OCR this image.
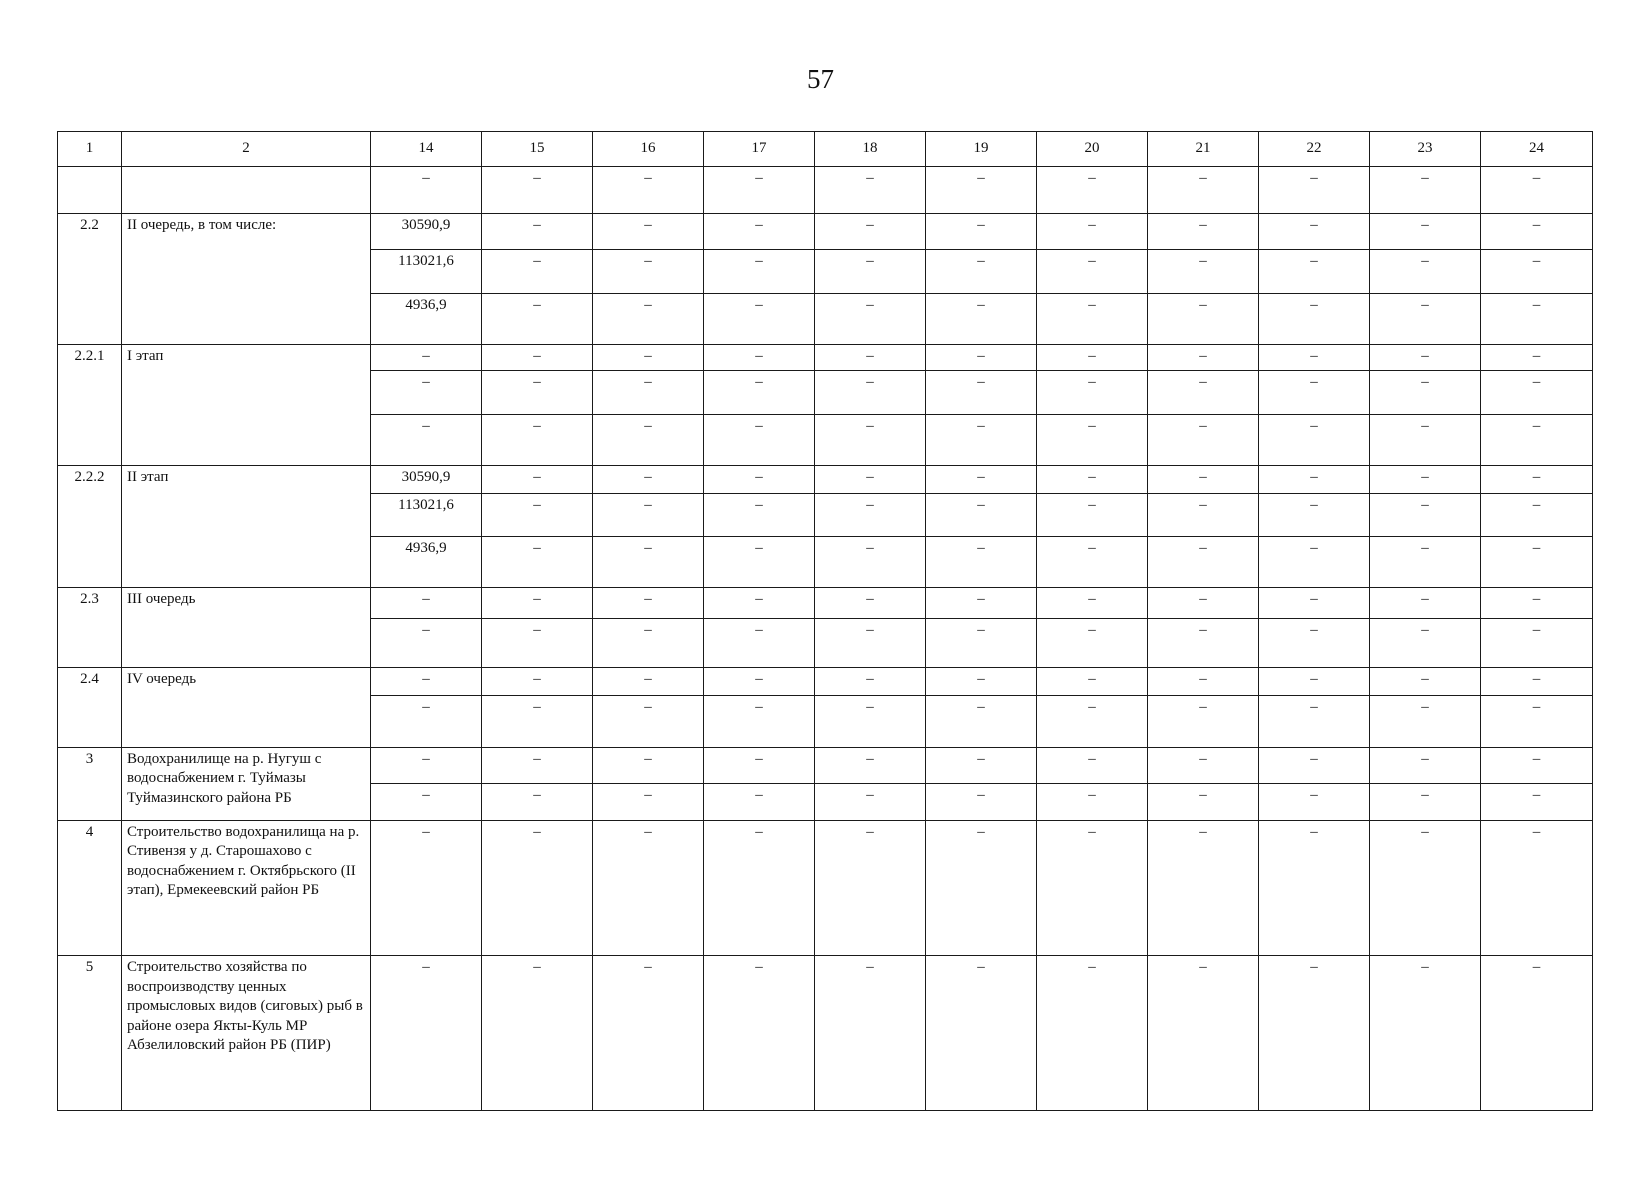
57
1	2	14	15	16	17	18	19	20	21	22	23	24
		–	–	–	–	–	–	–	–	–	–	–
2.2	II очередь, в том числе:	30590,9	–	–	–	–	–	–	–	–	–	–
		113021,6	–	–	–	–	–	–	–	–	–	–
		4936,9	–	–	–	–	–	–	–	–	–	–
2.2.1	I этап	–	–	–	–	–	–	–	–	–	–	–
		–	–	–	–	–	–	–	–	–	–	–
		–	–	–	–	–	–	–	–	–	–	–
2.2.2	II этап	30590,9	–	–	–	–	–	–	–	–	–	–
		113021,6	–	–	–	–	–	–	–	–	–	–
		4936,9	–	–	–	–	–	–	–	–	–	–
2.3	III очередь	–	–	–	–	–	–	–	–	–	–	–
		–	–	–	–	–	–	–	–	–	–	–
2.4	IV очередь	–	–	–	–	–	–	–	–	–	–	–
		–	–	–	–	–	–	–	–	–	–	–
3	Водохранилище на р. Нугуш с водоснабжением г. Туймазы Туймазинского района РБ	–	–	–	–	–	–	–	–	–	–	–
		–	–	–	–	–	–	–	–	–	–	–
4	Строительство водохранилища на р. Стивензя у д. Старошахово с водоснабжением г. Октябрьского (II этап), Ермекеевский район РБ	–	–	–	–	–	–	–	–	–	–	–
5	Строительство хозяйства по воспроизводству ценных промысловых видов (сиговых) рыб в районе озера Якты-Куль МР Абзелиловский район РБ (ПИР)	–	–	–	–	–	–	–	–	–	–	–
